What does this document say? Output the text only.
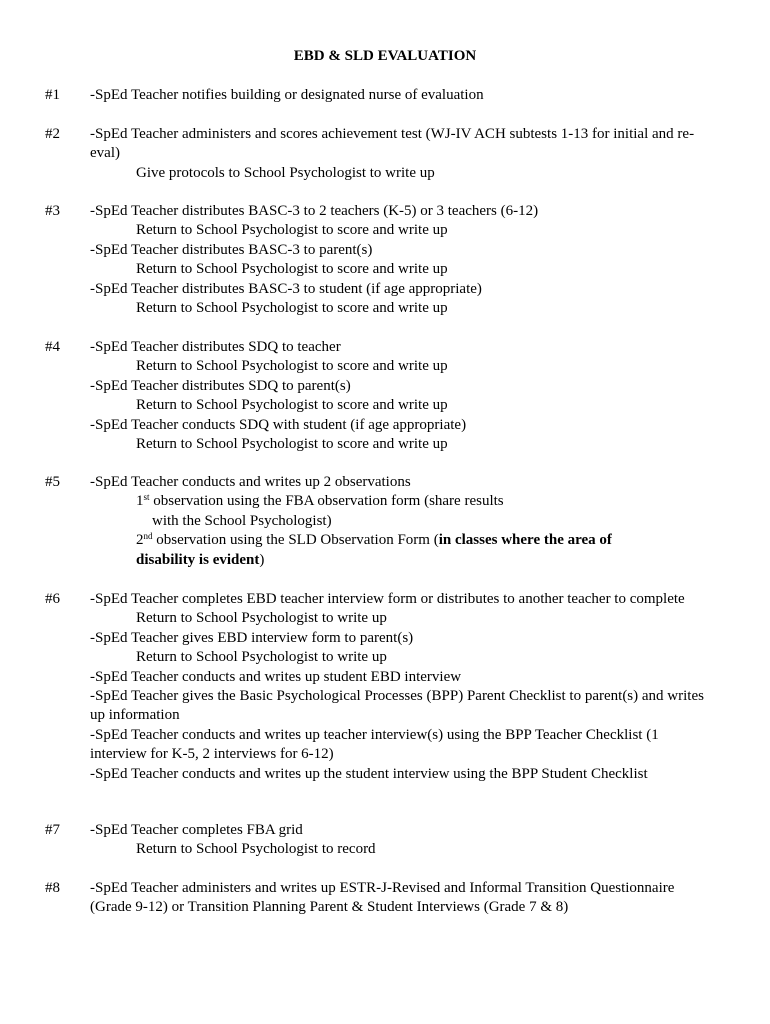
EBD & SLD EVALUATION
#1 -SpEd Teacher notifies building or designated nurse of evaluation
#2 -SpEd Teacher administers and scores achievement test (WJ-IV ACH subtests 1-13 for initial and re-eval)
Give protocols to School Psychologist to write up
#3 -SpEd Teacher distributes BASC-3 to 2 teachers (K-5) or 3 teachers (6-12)
Return to School Psychologist to score and write up
-SpEd Teacher distributes BASC-3 to parent(s)
Return to School Psychologist to score and write up
-SpEd Teacher distributes BASC-3 to student (if age appropriate)
Return to School Psychologist to score and write up
#4 -SpEd Teacher distributes SDQ to teacher
Return to School Psychologist to score and write up
-SpEd Teacher distributes SDQ to parent(s)
Return to School Psychologist to score and write up
-SpEd Teacher conducts SDQ with student (if age appropriate)
Return to School Psychologist to score and write up
#5 -SpEd Teacher conducts and writes up 2 observations
1st observation using the FBA observation form (share results
with the School Psychologist)
2nd observation using the SLD Observation Form (in classes where the area of
disability is evident)
#6 -SpEd Teacher completes EBD teacher interview form or distributes to another teacher to complete
Return to School Psychologist to write up
-SpEd Teacher gives EBD interview form to parent(s)
Return to School Psychologist to write up
-SpEd Teacher conducts and writes up student EBD interview
-SpEd Teacher gives the Basic Psychological Processes (BPP) Parent Checklist to parent(s) and writes up information
-SpEd Teacher conducts and writes up teacher interview(s) using the BPP Teacher Checklist (1 interview for K-5, 2 interviews for 6-12)
-SpEd Teacher conducts and writes up the student interview using the BPP Student Checklist
#7 -SpEd Teacher completes FBA grid
Return to School Psychologist to record
#8 -SpEd Teacher administers and writes up ESTR-J-Revised and Informal Transition Questionnaire (Grade 9-12) or Transition Planning Parent & Student Interviews (Grade 7 & 8)
